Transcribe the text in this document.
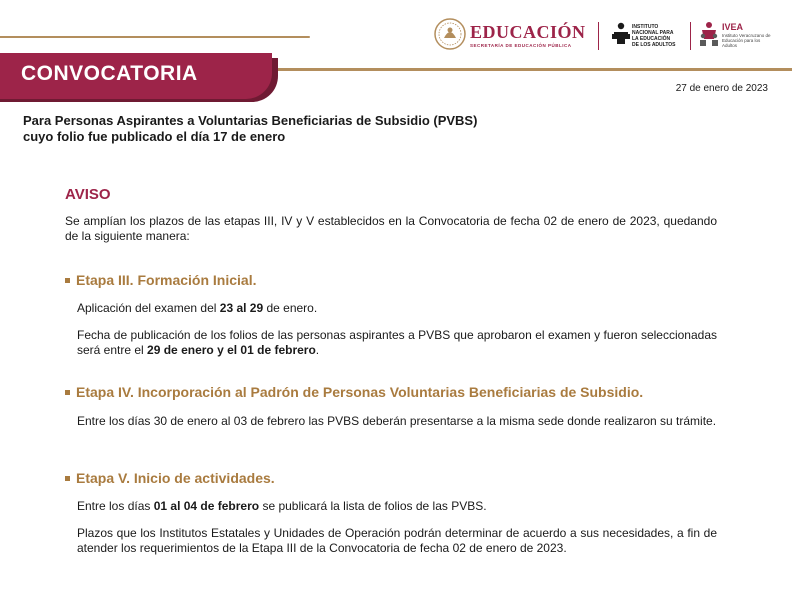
CONVOCATORIA
27 de enero de 2023
EDUCACIÓN
SECRETARÍA DE EDUCACIÓN PÚBLICA
INSTITUTO
NACIONAL PARA
LA EDUCACIÓN
DE LOS ADULTOS
IVEA
Instituto Veracruzano de Educación para los Adultos
Para Personas Aspirantes a Voluntarias Beneficiarias de Subsidio (PVBS)
cuyo folio fue publicado el día 17 de enero
AVISO
Se amplían los plazos de las etapas III, IV y V establecidos en la Convocatoria de fecha 02 de enero de 2023, quedando de la siguiente manera:
Etapa III. Formación Inicial.
Aplicación del examen del 23 al 29 de enero.
Fecha de publicación de los folios de las personas aspirantes a PVBS que aprobaron el examen y fueron seleccionadas será entre el 29 de enero y el 01 de febrero.
Etapa IV. Incorporación al Padrón de Personas Voluntarias Beneficiarias de Subsidio.
Entre los días 30 de enero al 03 de febrero las PVBS deberán presentarse a la misma sede donde realizaron su trámite.
Etapa V. Inicio de actividades.
Entre los días 01 al 04 de febrero se publicará la lista de folios de las PVBS.
Plazos que los Institutos Estatales y Unidades de Operación podrán determinar de acuerdo a sus necesidades, a fin de atender los requerimientos de la Etapa III de la Convocatoria de fecha 02 de enero de 2023.
